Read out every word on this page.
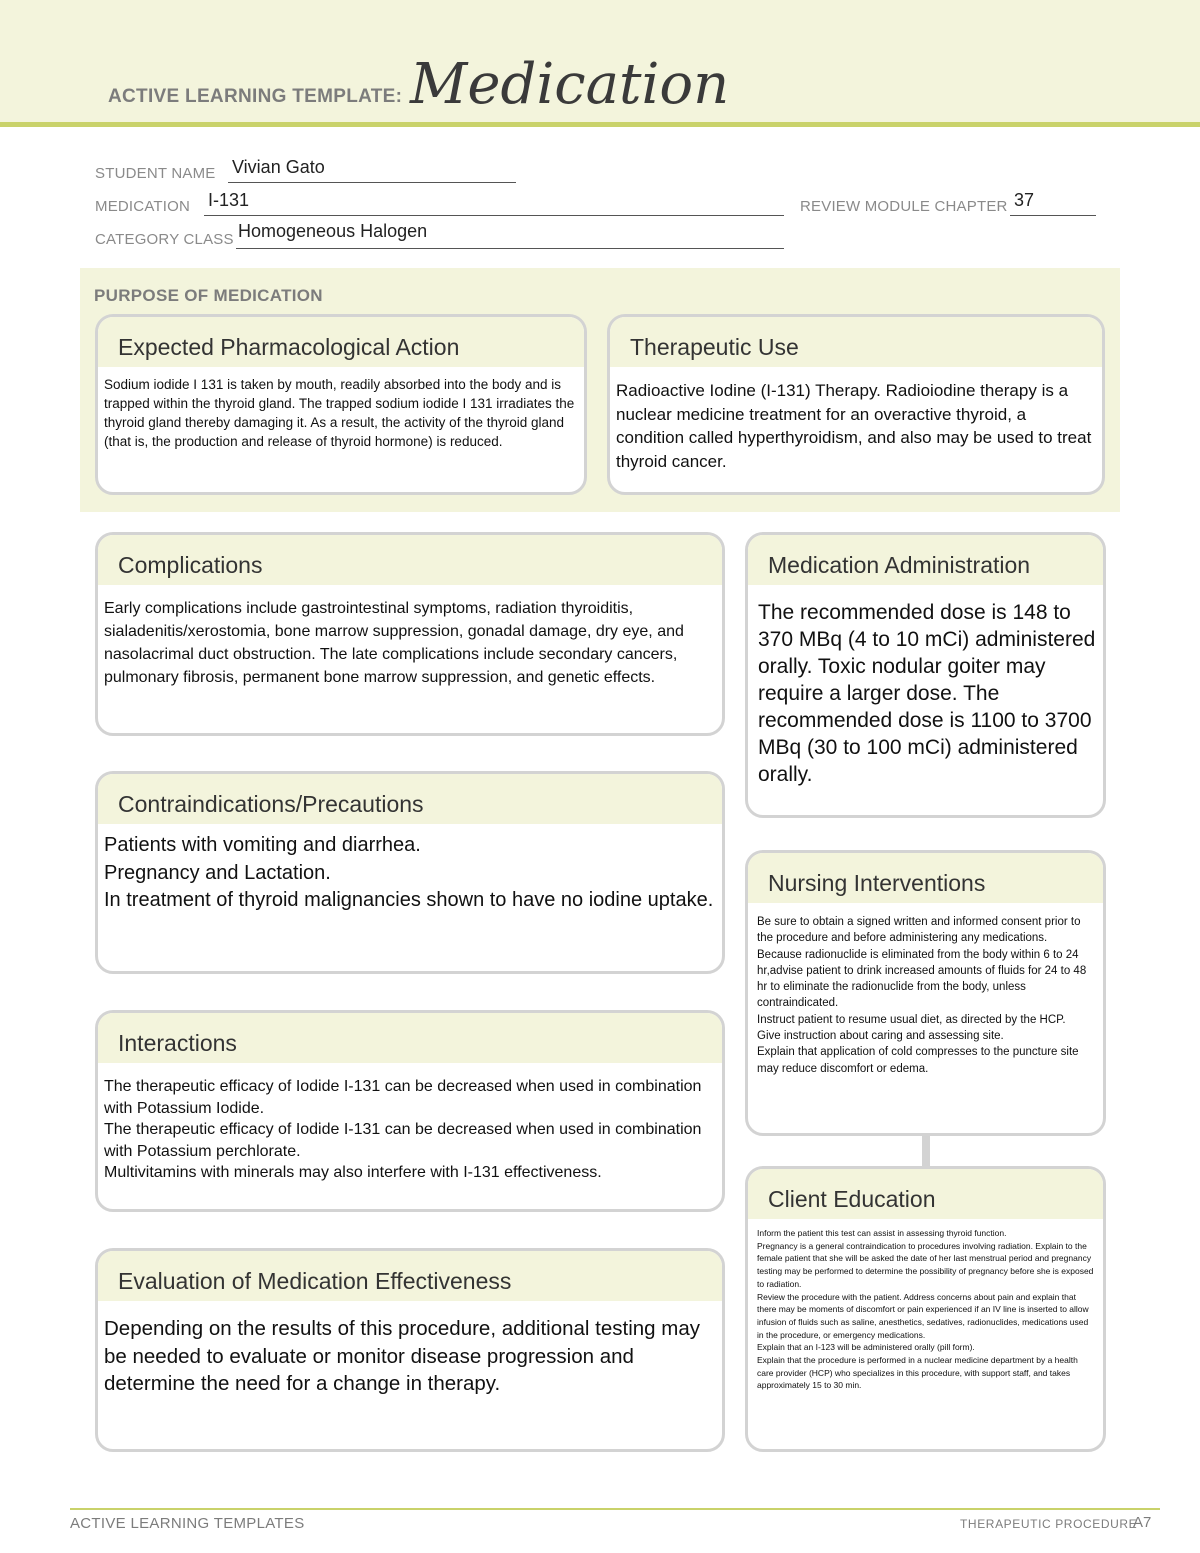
ACTIVE LEARNING TEMPLATE: Medication
STUDENT NAME Vivian Gato
MEDICATION I-131	REVIEW MODULE CHAPTER 37
CATEGORY CLASS Homogeneous Halogen
PURPOSE OF MEDICATION
Expected Pharmacological Action

Sodium iodide I 131 is taken by mouth, readily absorbed into the body and is trapped within the thyroid gland. The trapped sodium iodide I 131 irradiates the thyroid gland thereby damaging it. As a result, the activity of the thyroid gland (that is, the production and release of thyroid hormone) is reduced.

Therapeutic Use

Radioactive Iodine (I-131) Therapy. Radioiodine therapy is a nuclear medicine treatment for an overactive thyroid, a condition called hyperthyroidism, and also may be used to treat thyroid cancer.

Complications

Early complications include gastrointestinal symptoms, radiation thyroiditis, sialadenitis/xerostomia, bone marrow suppression, gonadal damage, dry eye, and nasolacrimal duct obstruction. The late complications include secondary cancers, pulmonary fibrosis, permanent bone marrow suppression, and genetic effects.

Contraindications/Precautions

Patients with vomiting and diarrhea.
Pregnancy and Lactation.
In treatment of thyroid malignancies shown to have no iodine uptake.

Interactions

The therapeutic efficacy of Iodide I-131 can be decreased when used in combination with Potassium Iodide.
The therapeutic efficacy of Iodide I-131 can be decreased when used in combination with Potassium perchlorate.
Multivitamins with minerals may also interfere with I-131 effectiveness.

Evaluation of Medication Effectiveness

Depending on the results of this procedure, additional testing may be needed to evaluate or monitor disease progression and determine the need for a change in therapy.

Medication Administration

The recommended dose is 148 to 370 MBq (4 to 10 mCi) administered orally. Toxic nodular goiter may require a larger dose. The recommended dose is 1100 to 3700 MBq (30 to 100 mCi) administered orally.

Nursing Interventions

Be sure to obtain a signed written and informed consent prior to the procedure and before administering any medications.
Because radionuclide is eliminated from the body within 6 to 24 hr,advise patient to drink increased amounts of fluids for 24 to 48 hr to eliminate the radionuclide from the body, unless contraindicated.
Instruct patient to resume usual diet, as directed by the HCP.
Give instruction about caring and assessing site.
Explain that application of cold compresses to the puncture site may reduce discomfort or edema.

Client Education

Inform the patient this test can assist in assessing thyroid function.
Pregnancy is a general contraindication to procedures involving radiation. Explain to the female patient that she will be asked the date of her last menstrual period and pregnancy testing may be performed to determine the possibility of pregnancy before she is exposed to radiation.
Review the procedure with the patient. Address concerns about pain and explain that there may be moments of discomfort or pain experienced if an IV line is inserted to allow infusion of fluids such as saline, anesthetics, sedatives, radionuclides, medications used in the procedure, or emergency medications.
Explain that an I-123 will be administered orally (pill form).
Explain that the procedure is performed in a nuclear medicine department by a health care provider (HCP) who specializes in this procedure, with support staff, and takes approximately 15 to 30 min.

ACTIVE LEARNING TEMPLATES	THERAPEUTIC PROCEDURE
A7
